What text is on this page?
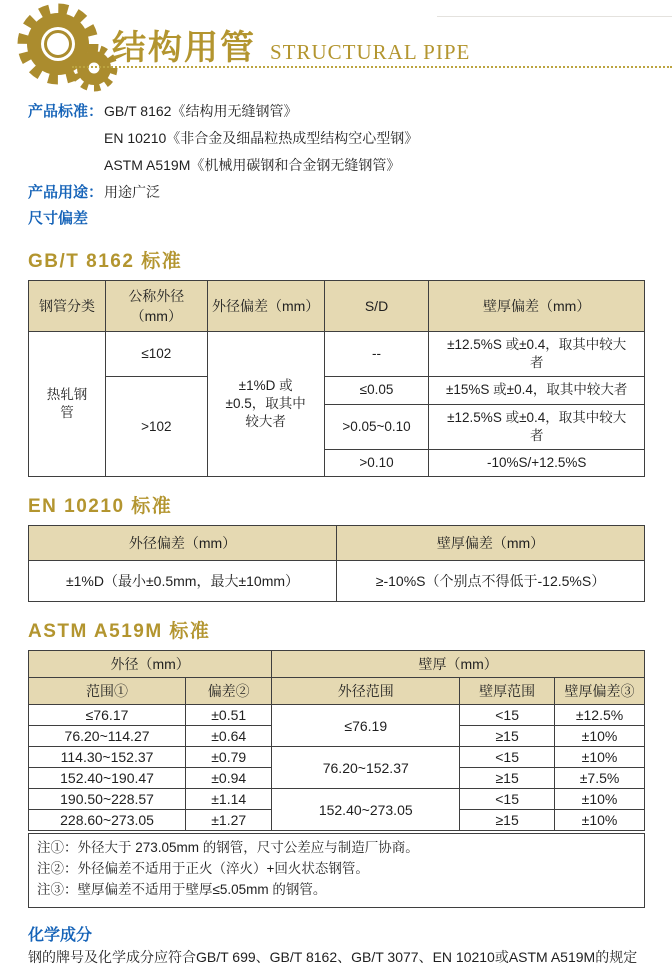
结构用管 STRUCTURAL PIPE
产品标准： GB/T 8162《结构用无缝钢管》
EN 10210《非合金及细晶粒热成型结构空心型钢》
ASTM A519M《机械用碳钢和合金钢无缝钢管》
产品用途： 用途广泛
尺寸偏差
GB/T 8162 标准
钢管分类	公称外径（mm）	外径偏差（mm）	S/D	壁厚偏差（mm）
热轧钢管	≤102	±1%D 或±0.5，取其中较大者	--	±12.5%S 或±0.4，取其中较大者
	>102		≤0.05	±15%S 或±0.4，取其中较大者
			>0.05~0.10	±12.5%S 或±0.4，取其中较大者
			>0.10	-10%S/+12.5%S
EN 10210 标准
外径偏差（mm）	壁厚偏差（mm）
±1%D（最小±0.5mm，最大±10mm）	≥-10%S（个别点不得低于-12.5%S）
ASTM A519M 标准
外径（mm）		壁厚（mm）		
范围①	偏差②	外径范围	壁厚范围	壁厚偏差③
≤76.17	±0.51	≤76.19	<15	±12.5%
76.20~114.27	±0.64		≥15	±10%
114.30~152.37	±0.79	76.20~152.37	<15	±10%
152.40~190.47	±0.94		≥15	±7.5%
190.50~228.57	±1.14	152.40~273.05	<15	±10%
228.60~273.05	±1.27		≥15	±10%
注①：外径大于 273.05mm 的钢管，尺寸公差应与制造厂协商。
注②：外径偏差不适用于正火（淬火）+回火状态钢管。
注③：壁厚偏差不适用于壁厚≤5.05mm 的钢管。
化学成分

钢的牌号及化学成分应符合GB/T 699、GB/T 8162、GB/T 3077、EN 10210或ASTM A519M的规定
